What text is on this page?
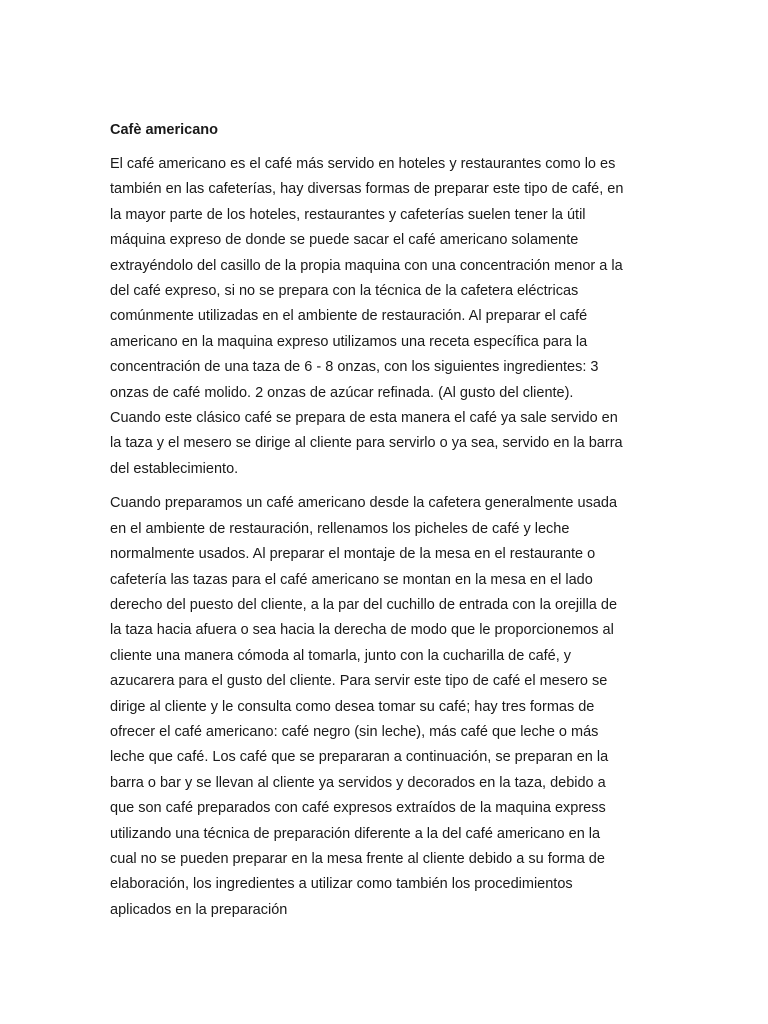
Cafè americano
El café americano es el café más servido en hoteles y restaurantes como lo es
también en las cafeterías, hay diversas formas de preparar este tipo de café, en
la mayor parte de los hoteles, restaurantes y cafeterías suelen tener la útil
máquina expreso de donde se puede sacar el café americano solamente
extrayéndolo del casillo de la propia maquina con una concentración menor a la
del café expreso, si no se prepara con la técnica de la cafetera eléctricas
comúnmente utilizadas en el ambiente de restauración. Al preparar el café
americano en la maquina expreso utilizamos una receta específica para la
concentración de una taza de 6 - 8 onzas, con los siguientes ingredientes: 3
onzas de café molido. 2 onzas de azúcar refinada. (Al gusto del cliente).
Cuando este clásico café se prepara de esta manera el café ya sale servido en
la taza y el mesero se dirige al cliente para servirlo o ya sea, servido en la barra
del establecimiento.
Cuando preparamos un café americano desde la cafetera generalmente usada
en el ambiente de restauración, rellenamos los picheles de café y leche
normalmente usados. Al preparar el montaje de la mesa en el restaurante o
cafetería las tazas para el café americano se montan en la mesa en el lado
derecho del puesto del cliente, a la par del cuchillo de entrada con la orejilla de
la taza hacia afuera o sea hacia la derecha de modo que le proporcionemos al
cliente una manera cómoda al tomarla, junto con la cucharilla de café, y
azucarera para el gusto del cliente. Para servir este tipo de café el mesero se
dirige al cliente y le consulta como desea tomar su café; hay tres formas de
ofrecer el café americano: café negro (sin leche), más café que leche o más
leche que café. Los café que se prepararan a continuación, se preparan en la
barra o bar y se llevan al cliente ya servidos y decorados en la taza, debido a
que son café preparados con café expresos extraídos de la maquina express
utilizando una técnica de preparación diferente a la del café americano en la
cual no se pueden preparar en la mesa frente al cliente debido a su forma de
elaboración, los ingredientes a utilizar como también los procedimientos
aplicados en la preparación
